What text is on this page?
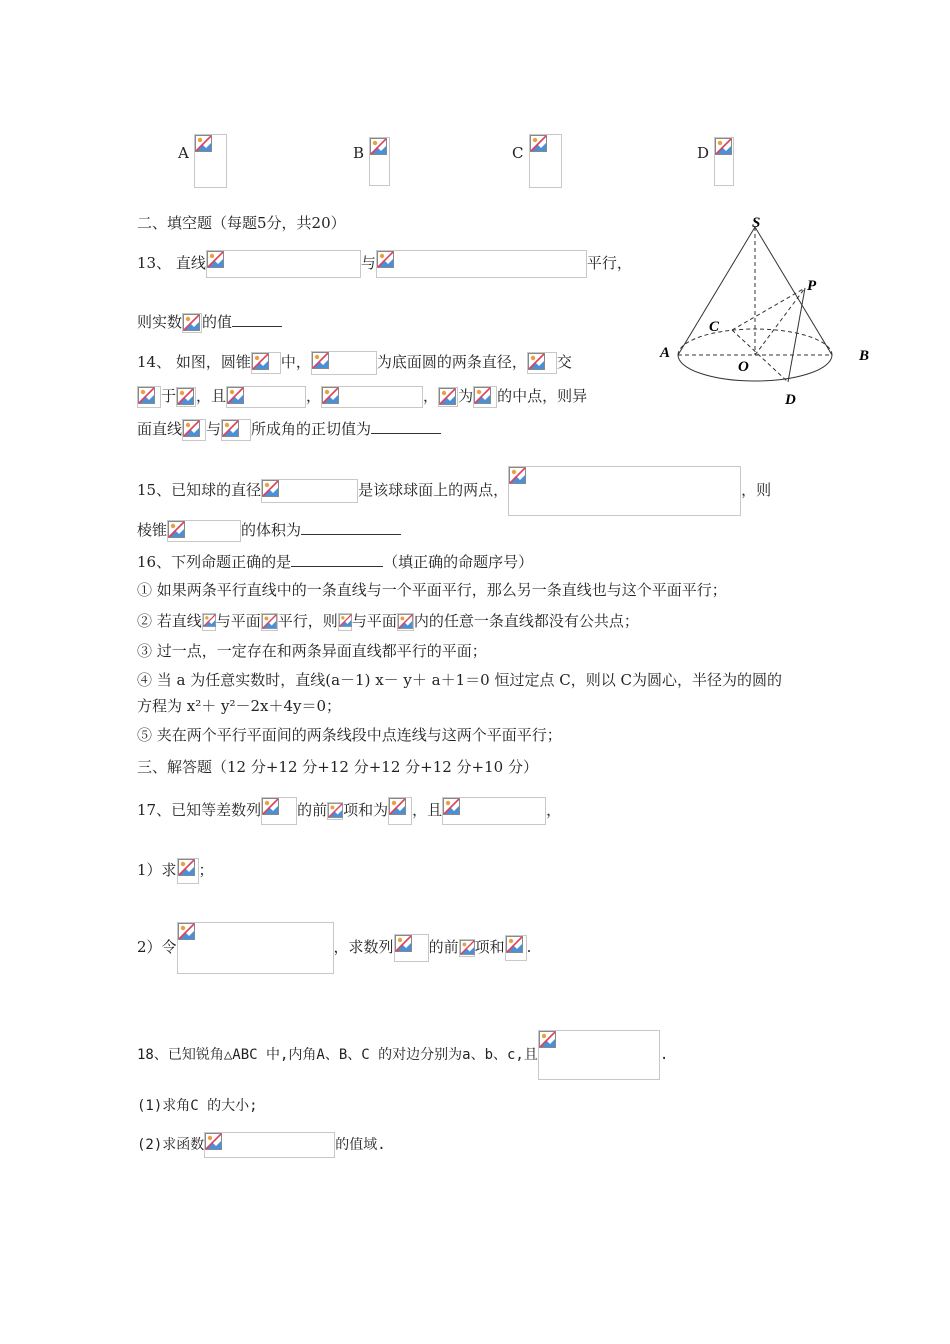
A	B	C	D
二、填空题（每题5分，共20）	S
P
C
A
O
B
D
13、 直线	与	平行，
则实数 的值
14、 如图，圆锥 中，	为底面圆的两条直径， 交
于 ，且	，	， 为 的中点，则异
面直线 与 所成角的正切值为
15、已知球的直径	是该球球面上的两点，	，则
棱锥	的体积为
16、下列命题正确的是	（填正确的命题序号）
① 如果两条平行直线中的一条直线与一个平面平行，那么另一条直线也与这个平面平行；
② 若直线 与平面 平行，则 与平面 内的任意一条直线都没有公共点；
③ 过一点，一定存在和两条异面直线都平行的平面；
④ 当 a 为任意实数时，直线(a－1) x－ y＋ a＋1＝0 恒过定点 C，则以 C为圆心，半径为的圆的
方程为 x²＋ y²－2x＋4y＝0；
⑤ 夹在两个平行平面间的两条线段中点连线与这两个平面平行；
三、解答题（12 分+12 分+12 分+12 分+12 分+10 分）
17、已知等差数列 的前 项和为 ，且	，
1）求 ；
2）令	，求数列 的前 项和 .
18、已知锐角△ABC 中,内角A、B、C 的对边分别为a、b、c,且	.
(1)求角C 的大小;
(2)求函数	的值域.
